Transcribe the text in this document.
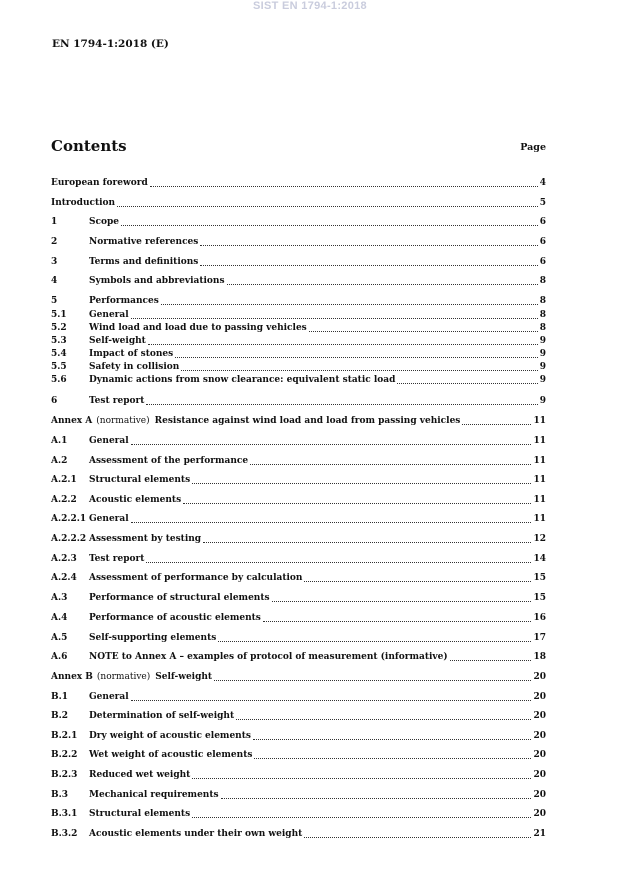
SIST EN 1794-1:2018
EN 1794-1:2018 (E)
Contents	Page
European foreword	4
Introduction	5
1	Scope	6
2	Normative references	6
3	Terms and definitions	6
4	Symbols and abbreviations	8
5	Performances	8
5.1	General	8
5.2	Wind load and load due to passing vehicles	8
5.3	Self-weight	9
5.4	Impact of stones	9
5.5	Safety in collision	9
5.6	Dynamic actions from snow clearance: equivalent static load	9
6	Test report	9
Annex A (normative) Resistance against wind load and load from passing vehicles	11
A.1	General	11
A.2	Assessment of the performance	11
A.2.1	Structural elements	11
A.2.2	Acoustic elements	11
A.2.2.1 General	11
A.2.2.2 Assessment by testing	12
A.2.3	Test report	14
A.2.4	Assessment of performance by calculation	15
A.3	Performance of structural elements	15
A.4	Performance of acoustic elements	16
A.5	Self-supporting elements	17
A.6	NOTE to Annex A – examples of protocol of measurement (informative)	18
Annex B (normative) Self-weight	20
B.1	General	20
B.2	Determination of self-weight	20
B.2.1	Dry weight of acoustic elements	20
B.2.2	Wet weight of acoustic elements	20
B.2.3	Reduced wet weight	20
B.3	Mechanical requirements	20
B.3.1	Structural elements	20
B.3.2	Acoustic elements under their own weight	21
